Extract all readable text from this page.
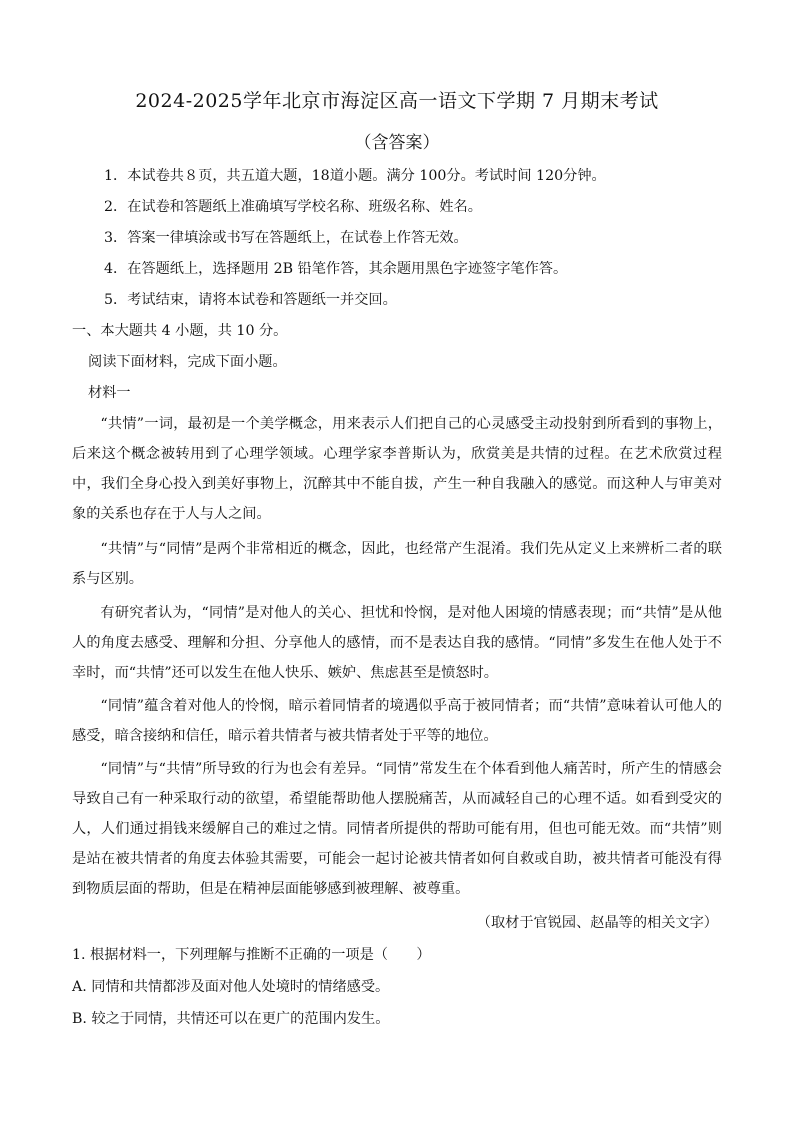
2024-2025学年北京市海淀区高一语文下学期 7 月期末考试
（含答案）
1．本试卷共８页，共五道大题，18道小题。满分 100分。考试时间 120分钟。
2．在试卷和答题纸上准确填写学校名称、班级名称、姓名。
3．答案一律填涂或书写在答题纸上，在试卷上作答无效。
4．在答题纸上，选择题用 2B 铅笔作答，其余题用黑色字迹签字笔作答。
5．考试结束，请将本试卷和答题纸一并交回。
一、本大题共 4 小题，共 10 分。
阅读下面材料，完成下面小题。
材料一
“共情”一词，最初是一个美学概念，用来表示人们把自己的心灵感受主动投射到所看到的事物上，后来这个概念被转用到了心理学领域。心理学家李普斯认为，欣赏美是共情的过程。在艺术欣赏过程中，我们全身心投入到美好事物上，沉醉其中不能自拔，产生一种自我融入的感觉。而这种人与审美对象的关系也存在于人与人之间。
“共情”与“同情”是两个非常相近的概念，因此，也经常产生混淆。我们先从定义上来辨析二者的联系与区别。
有研究者认为，“同情”是对他人的关心、担忧和怜悯，是对他人困境的情感表现；而“共情”是从他人的角度去感受、理解和分担、分享他人的感情，而不是表达自我的感情。“同情”多发生在他人处于不幸时，而“共情”还可以发生在他人快乐、嫉妒、焦虑甚至是愤怒时。
“同情”蕴含着对他人的怜悯，暗示着同情者的境遇似乎高于被同情者；而“共情”意味着认可他人的感受，暗含接纳和信任，暗示着共情者与被共情者处于平等的地位。
“同情”与“共情”所导致的行为也会有差异。“同情”常发生在个体看到他人痛苦时，所产生的情感会导致自己有一种采取行动的欲望，希望能帮助他人摆脱痛苦，从而减轻自己的心理不适。如看到受灾的人，人们通过捐钱来缓解自己的难过之情。同情者所提供的帮助可能有用，但也可能无效。而“共情”则是站在被共情者的角度去体验其需要，可能会一起讨论被共情者如何自救或自助，被共情者可能没有得到物质层面的帮助，但是在精神层面能够感到被理解、被尊重。
（取材于官锐园、赵晶等的相关文字）
1. 根据材料一，下列理解与推断不正确的一项是（　　）
A. 同情和共情都涉及面对他人处境时的情绪感受。
B. 较之于同情，共情还可以在更广的范围内发生。
